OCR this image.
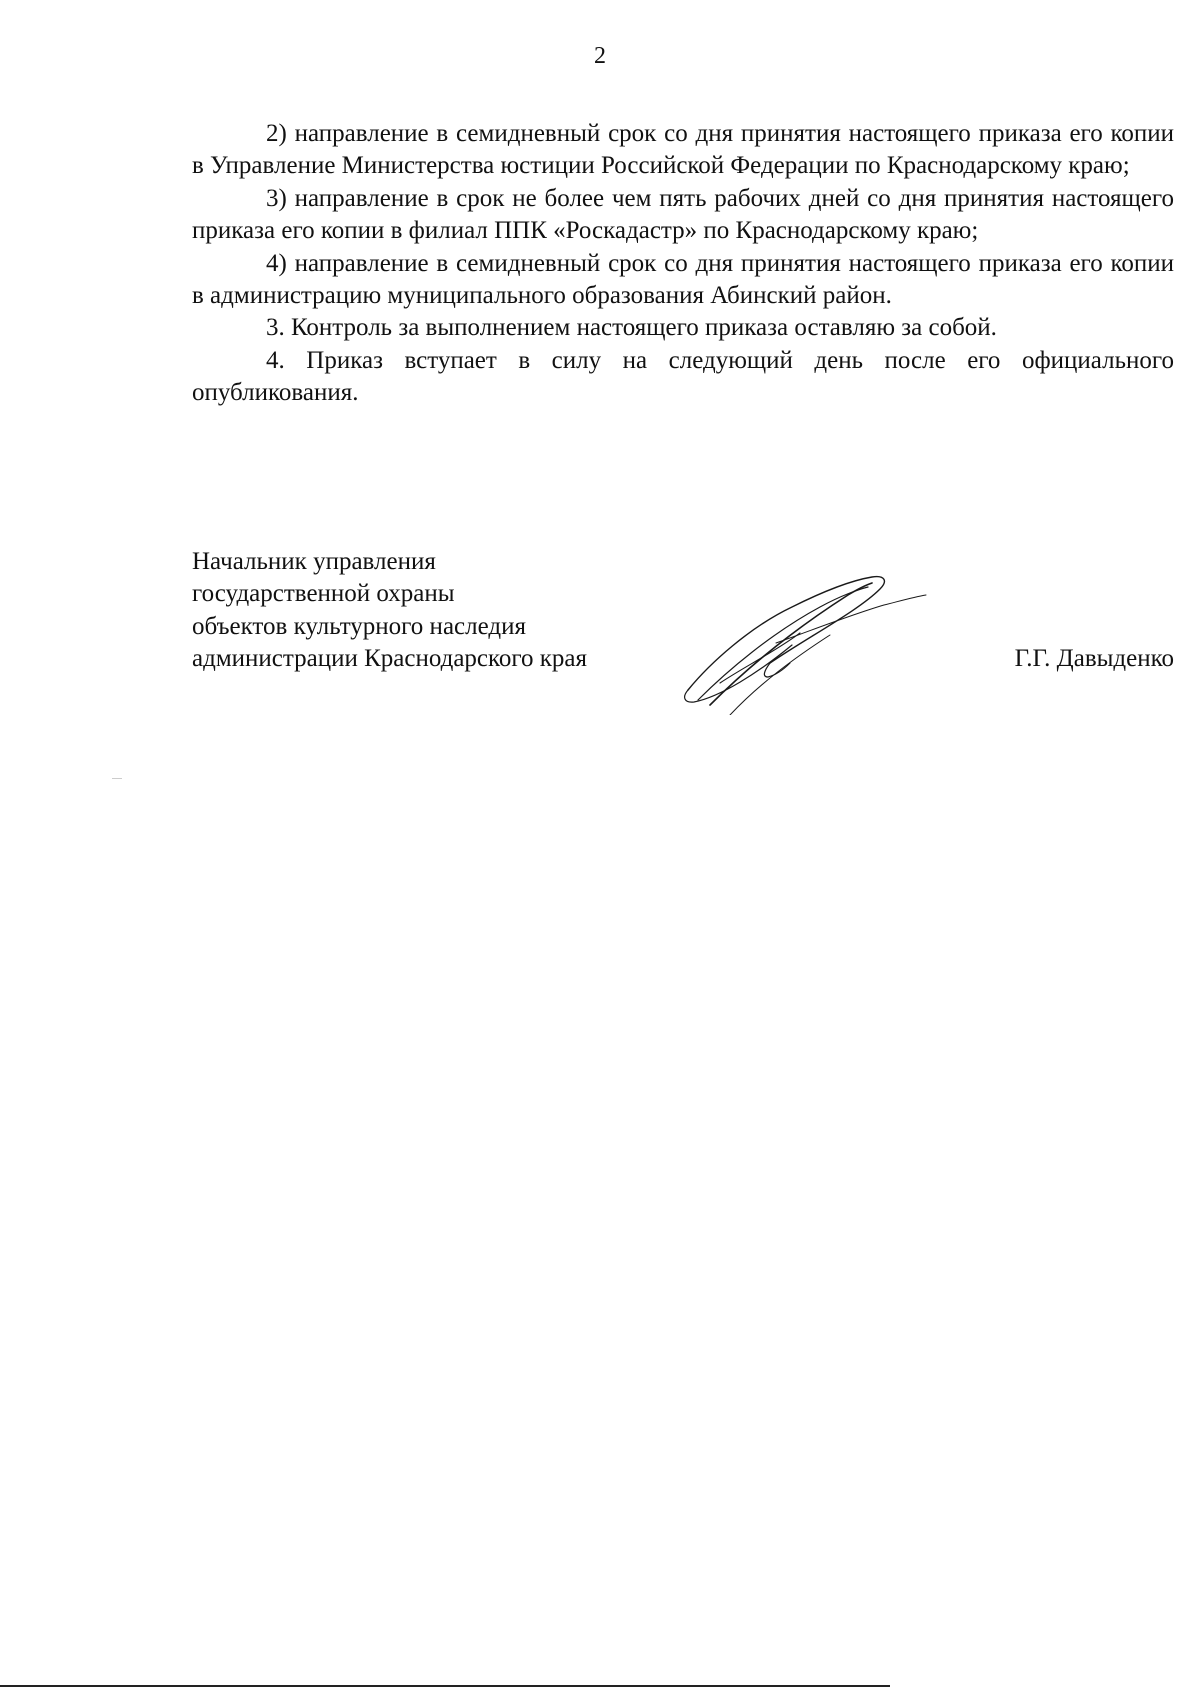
2

2) направление в семидневный срок со дня принятия настоящего приказа его копии в Управление Министерства юстиции Российской Федерации по Краснодарскому краю;

3) направление в срок не более чем пять рабочих дней со дня принятия настоящего приказа его копии в филиал ППК «Роскадастр» по Краснодарскому краю;

4) направление в семидневный срок со дня принятия настоящего приказа его копии в администрацию муниципального образования Абинский район.

3. Контроль за выполнением настоящего приказа оставляю за собой.

4. Приказ вступает в силу на следующий день после его официального опубликования.

Начальник управления
государственной охраны
объектов культурного наследия
администрации Краснодарского края	Г.Г. Давыденко
